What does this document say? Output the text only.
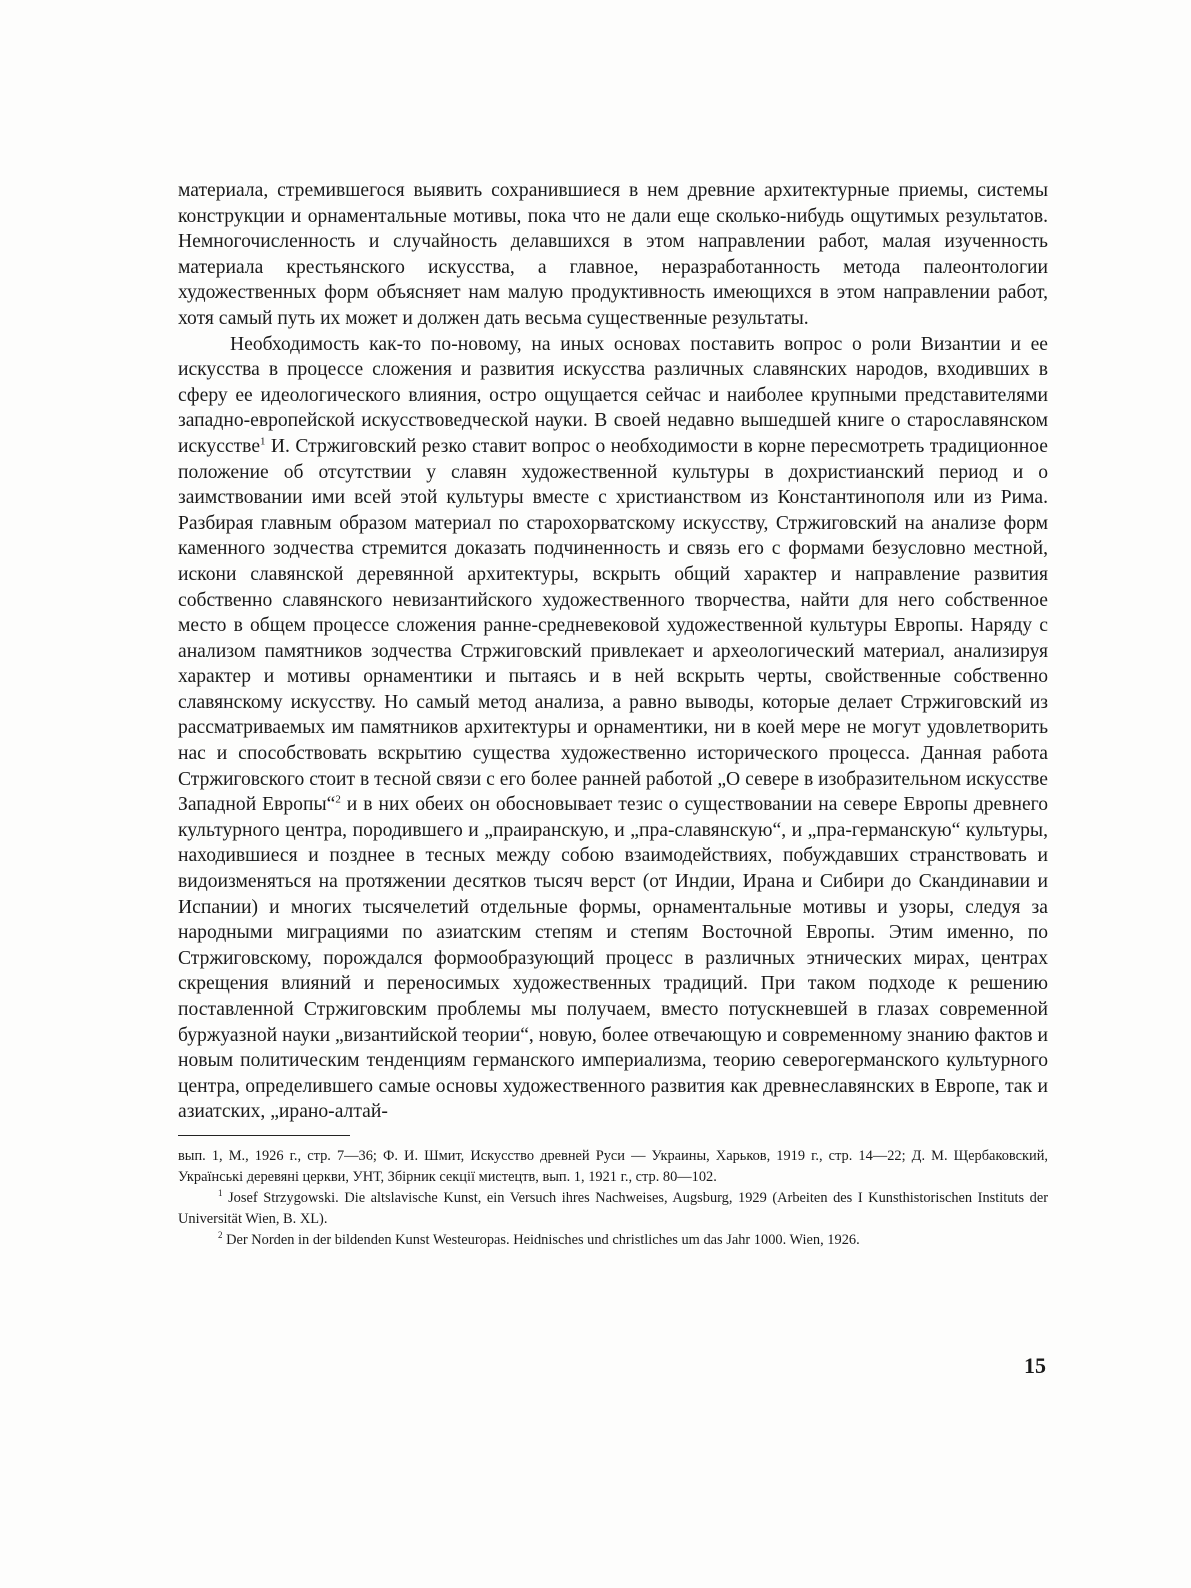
материала, стремившегося выявить сохранившиеся в нем древние архитектурные приемы, системы конструкции и орнаментальные мотивы, пока что не дали еще сколько-нибудь ощутимых результатов. Немногочисленность и случайность делавшихся в этом направлении работ, малая изученность материала крестьянского искусства, а главное, неразработанность метода палеонтологии художественных форм объясняет нам малую продуктивность имеющихся в этом направлении работ, хотя самый путь их может и должен дать весьма существенные результаты.

Необходимость как-то по-новому, на иных основах поставить вопрос о роли Византии и ее искусства в процессе сложения и развития искусства различных славянских народов, входивших в сферу ее идеологического влияния, остро ощущается сейчас и наиболее крупными представителями западно-европейской искусствоведческой науки. В своей недавно вышедшей книге о старославянском искусстве$^1$ И. Стржиговский резко ставит вопрос о необходимости в корне пересмотреть традиционное положение об отсутствии у славян художественной культуры в дохристианский период и о заимствовании ими всей этой культуры вместе с христианством из Константинополя или из Рима. Разбирая главным образом материал по старохорватскому искусству, Стржиговский на анализе форм каменного зодчества стремится доказать подчиненность и связь его с формами безусловно местной, искони славянской деревянной архитектуры, вскрыть общий характер и направление развития собственно славянского невизантийского художественного творчества, найти для него собственное место в общем процессе сложения ранне-средневековой художественной культуры Европы. Наряду с анализом памятников зодчества Стржиговский привлекает и археологический материал, анализируя характер и мотивы орнаментики и пытаясь и в ней вскрыть черты, свойственные собственно славянскому искусству. Но самый метод анализа, а равно выводы, которые делает Стржиговский из рассматриваемых им памятников архитектуры и орнаментики, ни в коей мере не могут удовлетворить нас и способствовать вскрытию существа художественно исторического процесса. Данная работа Стржиговского стоит в тесной связи с его более ранней работой „О севере в изобразительном искусстве Западной Европы“$^2$ и в них обеих он обосновывает тезис о существовании на севере Европы древнего культурного центра, породившего и „праиранскую, и „пра-славянскую“, и „пра-германскую“ культуры, находившиеся и позднее в тесных между собою взаимодействиях, побуждавших странствовать и видоизменяться на протяжении десятков тысяч верст (от Индии, Ирана и Сибири до Скандинавии и Испании) и многих тысячелетий отдельные формы, орнаментальные мотивы и узоры, следуя за народными миграциями по азиатским степям и степям Восточной Европы. Этим именно, по Стржиговскому, порождался формообразующий процесс в различных этнических мирах, центрах скрещения влияний и переносимых художественных традиций. При таком подходе к решению поставленной Стржиговским проблемы мы получаем, вместо потускневшей в глазах современной буржуазной науки „византийской теории“, новую, более отвечающую и современному знанию фактов и новым политическим тенденциям германского империализма, теорию северогерманского культурного центра, определившего самые основы художественного развития как древнеславянских в Европе, так и азиатских, „ирано-алтай-

вып. 1, М., 1926 г., стр. 7—36; Ф. И. Шмит, Искусство древней Руси — Украины, Харьков, 1919 г., стр. 14—22; Д. М. Щербаковский, Українські деревяні церкви, УНТ, Збірник секції мистецтв, вып. 1, 1921 г., стр. 80—102.

$^1$ Josef Strzygowski. Die altslavische Kunst, ein Versuch ihres Nachweises, Augsburg, 1929 (Arbeiten des I Kunsthistorischen Instituts der Universität Wien, B. XL).

$^2$ Der Norden in der bildenden Kunst Westeuropas. Heidnisches und christliches um das Jahr 1000. Wien, 1926.

15
